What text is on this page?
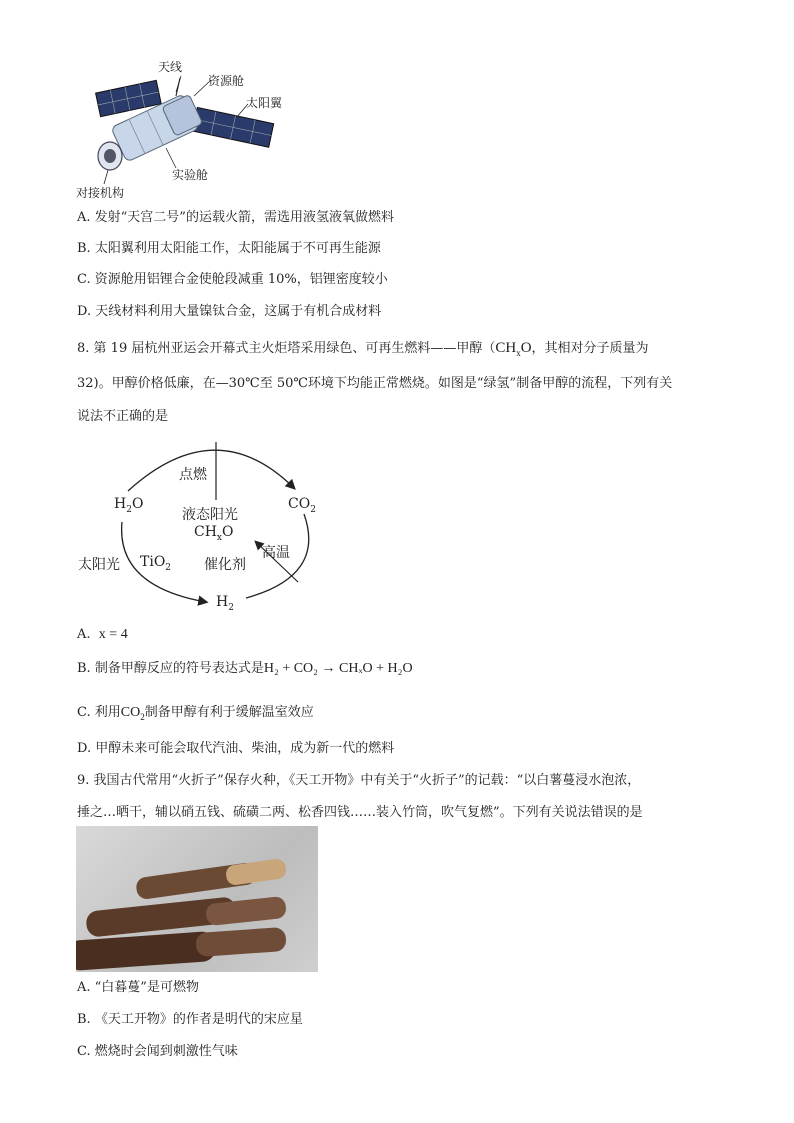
天线
资源舱
太阳翼
实验舱
对接机构
A. 发射“天宫二号”的运载火箭，需选用液氢液氧做燃料
B. 太阳翼利用太阳能工作，太阳能属于不可再生能源
C. 资源舱用铝锂合金使舱段减重 10%，铝锂密度较小
D. 天线材料利用大量镍钛合金，这属于有机合成材料
8. 第 19 届杭州亚运会开幕式主火炬塔采用绿色、可再生燃料——甲醇（$CH_xO$，其相对分子质量为
32)。甲醇价格低廉，在—30℃至 50℃环境下均能正常燃烧。如图是“绿氢”制备甲醇的流程，下列有关
说法不正确的是
点燃
$H_2O$	$CO_2$
液态阳光
$CH_xO$
高温
太阳光 TiO$_2$ 催化剂
$H_2$
A. x = 4
B. 制备甲醇反应的符号表达式是H₂ + CO₂ → CHₓO + H₂O
C. 利用$CO_2$制备甲醇有利于缓解温室效应
D. 甲醇未来可能会取代汽油、柴油，成为新一代的燃料
9. 我国古代常用“火折子”保存火种，《天工开物》中有关于“火折子”的记载：“以白薯蔓浸水泡浓，
捶之…晒干，辅以硝五钱、硫磺二两、松香四钱……装入竹筒，吹气复燃”。下列有关说法错误的是
A. “白暮蔓”是可燃物
B. 《天工开物》的作者是明代的宋应星
C. 燃烧时会闻到刺激性气味
